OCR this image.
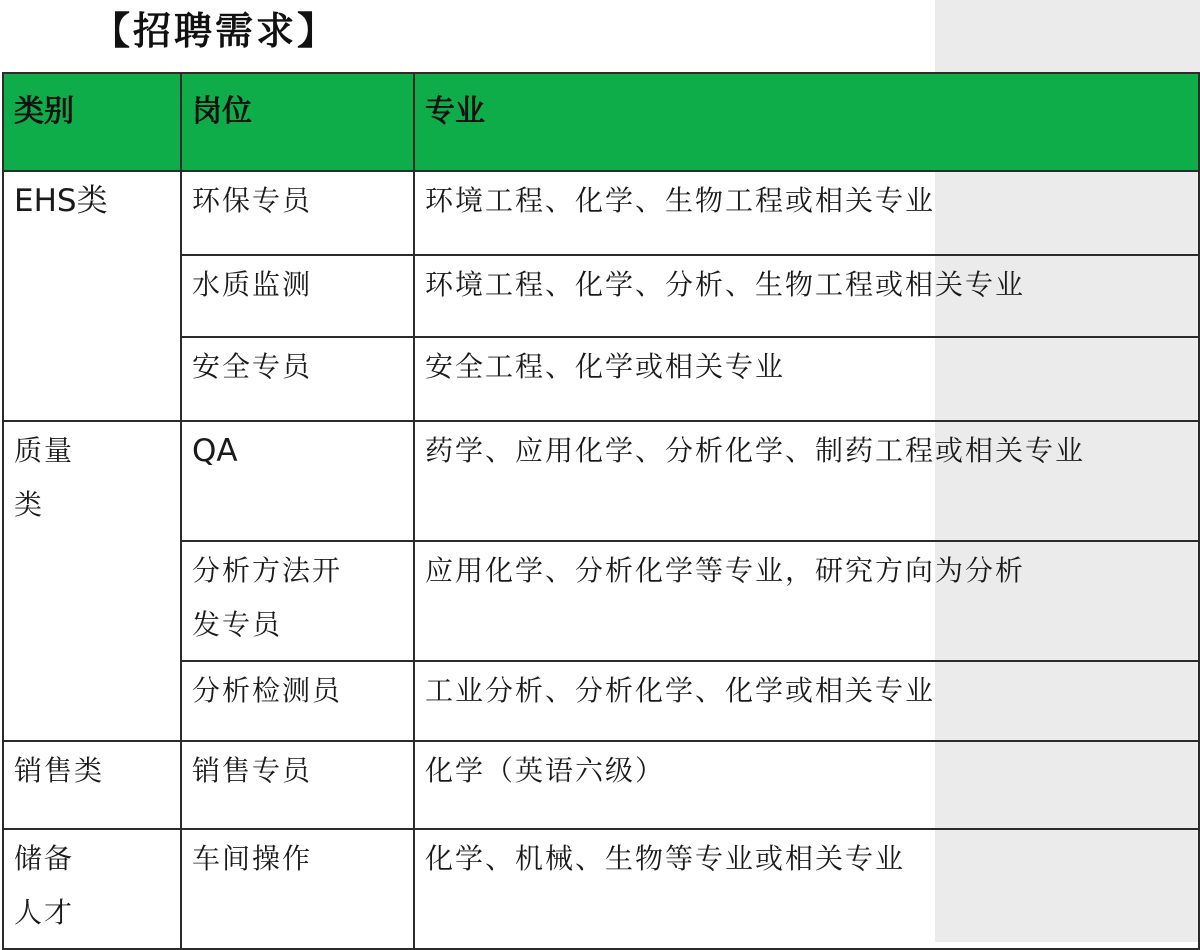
【招聘需求】
类别	岗位	专业
EHS类	环保专员	环境工程、化学、生物工程或相关专业
	水质监测	环境工程、化学、分析、生物工程或相关专业
	安全专员	安全工程、化学或相关专业
质量类	QA	药学、应用化学、分析化学、制药工程或相关专业
	分析方法开发专员	应用化学、分析化学等专业，研究方向为分析
	分析检测员	工业分析、分析化学、化学或相关专业
销售类	销售专员	化学（英语六级）
储备人才	车间操作	化学、机械、生物等专业或相关专业
